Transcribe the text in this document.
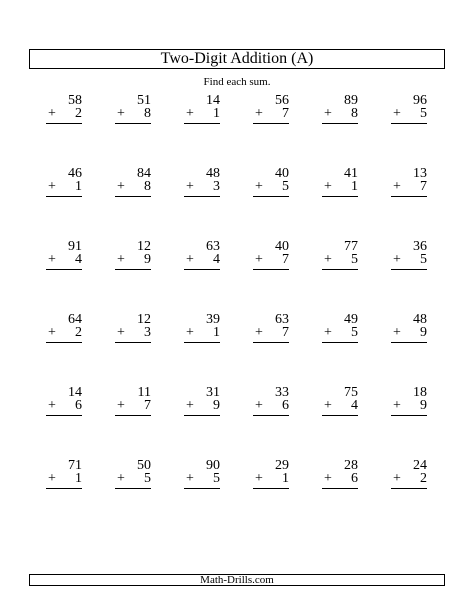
Two-Digit Addition (A)
Find each sum.
58
+ 2
51
+ 8
14
+ 1
56
+ 7
89
+ 8
96
+ 5
46
+ 1
84
+ 8
48
+ 3
40
+ 5
41
+ 1
13
+ 7
91
+ 4
12
+ 9
63
+ 4
40
+ 7
77
+ 5
36
+ 5
64
+ 2
12
+ 3
39
+ 1
63
+ 7
49
+ 5
48
+ 9
14
+ 6
11
+ 7
31
+ 9
33
+ 6
75
+ 4
18
+ 9
71
+ 1
50
+ 5
90
+ 5
29
+ 1
28
+ 6
24
+ 2
Math-Drills.com
